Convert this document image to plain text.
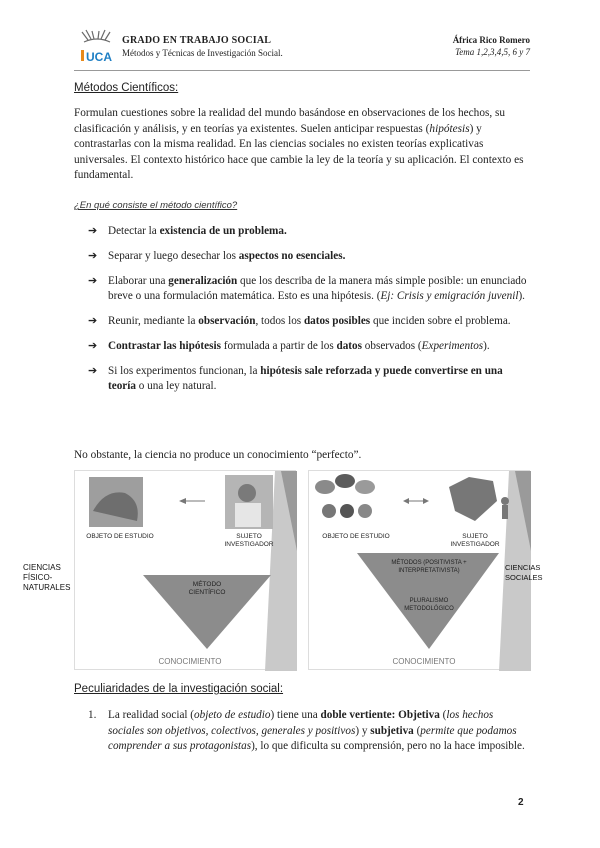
UCA
GRADO EN TRABAJO SOCIAL
Métodos y Técnicas de Investigación Social.
África Rico Romero
Tema 1,2,3,4,5, 6 y 7
Métodos Científicos:
Formulan cuestiones sobre la realidad del mundo basándose en observaciones de los hechos, su clasificación y análisis, y en teorías ya existentes. Suelen anticipar respuestas (hipótesis) y contrastarlas con la misma realidad. En las ciencias sociales no existen teorías explicativas universales. El contexto histórico hace que cambie la ley de la teoría y su aplicación. El contexto es fundamental.
¿En qué consiste el método científico?
➔ Detectar la existencia de un problema.
➔ Separar y luego desechar los aspectos no esenciales.
➔ Elaborar una generalización que los describa de la manera más simple posible: un enunciado breve o una formulación matemática. Esto es una hipótesis. (Ej: Crisis y emigración juvenil).
➔ Reunir, mediante la observación, todos los datos posibles que inciden sobre el problema.
➔ Contrastar las hipótesis formulada a partir de los datos observados (Experimentos).
➔ Si los experimentos funcionan, la hipótesis sale reforzada y puede convertirse en una teoría o una ley natural.
No obstante, la ciencia no produce un conocimiento “perfecto”.
OBJETO DE ESTUDIO	SUJETO INVESTIGADOR
CIENCIAS FÍSICO-NATURALES	MÉTODO CIENTÍFICO
CONOCIMIENTO
OBJETO DE ESTUDIO	SUJETO INVESTIGADOR
CIENCIAS SOCIALES
MÉTODOS (POSITIVISTA + INTERPRETATIVISTA)
PLURALISMO METODOLÓGICO
CONOCIMIENTO
Peculiaridades de la investigación social:
1. La realidad social (objeto de estudio) tiene una doble vertiente: Objetiva (los hechos sociales son objetivos, colectivos, generales y positivos) y subjetiva (permite que podamos comprender a sus protagonistas), lo que dificulta su comprensión, pero no la hace imposible.
2
